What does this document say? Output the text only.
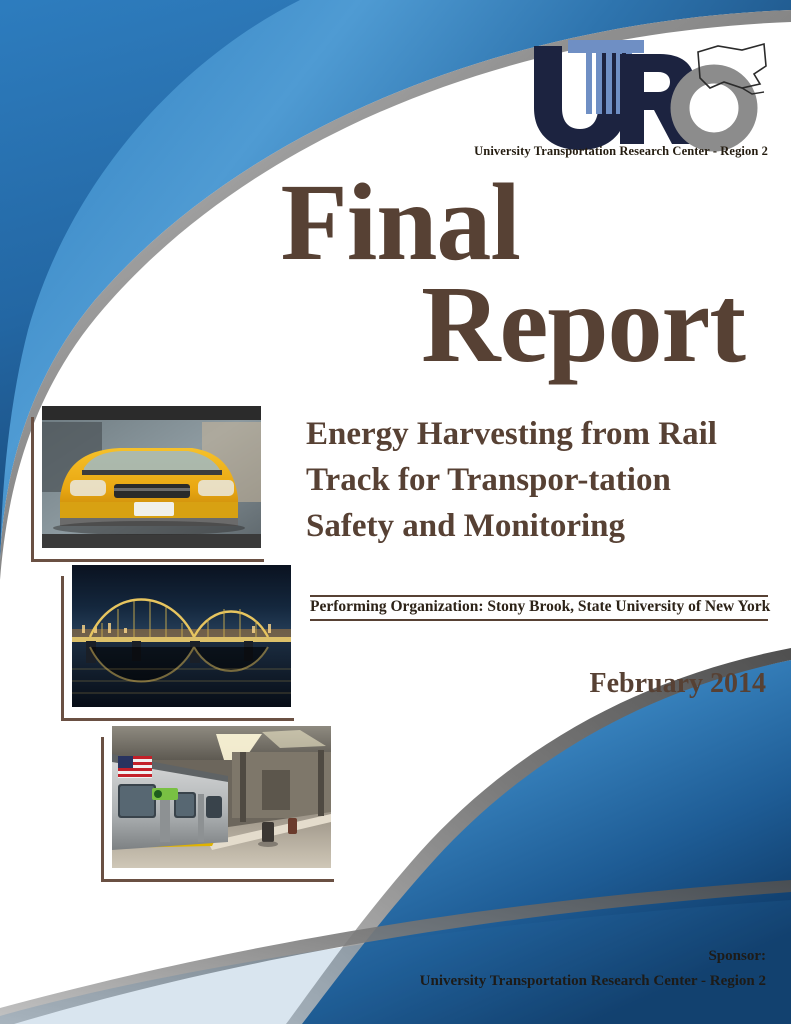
University Transportation Research Center - Region 2
Final
Report
Energy Harvesting from Rail Track for Transpor-tation Safety and Monitoring
Performing Organization: Stony Brook, State University of New York
February 2014
Sponsor:
University Transportation Research Center - Region 2
